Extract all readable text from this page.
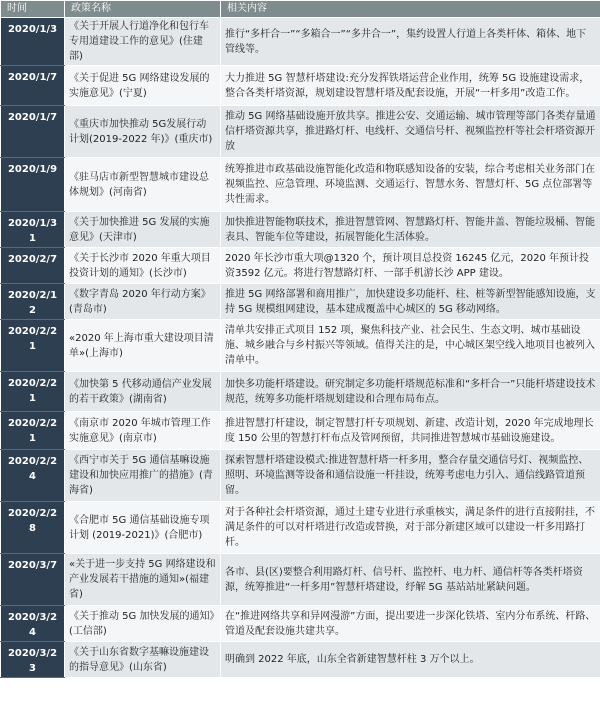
时间	政策名称	相关内容
2020/1/3	《关于开展人行道净化和包行车专用道建设工作的意见》(住建部)	推行“多杆合一”“多箱合一”“多井合一”，集约设置人行道上各类杆体、箱体、地下管线等。
2020/1/7	《关于促进 5G 网络建设发展的实施意见》(宁夏)	大力推进 5G 智慧杆塔建设:充分发挥铁塔运营企业作用，统筹 5G 设施建设需求，整合各类杆塔资源，规划建设智慧杆塔及配套设施，开展“一杆多用”改造工作。
2020/1/7	《重庆市加快推动 5G发展行动计划(2019-2022 年)》(重庆市)	推动 5G 网络基础设施开放共享。推进公安、交通运输、城市管理等部门各类存量通信杆塔资源共享，推进路灯杆、电线杆、交通信号杆、视频监控杆等社会杆塔资源开放
2020/1/9	《驻马店市新型智慧城市建设总体规划》(河南省)	统筹推进市政基础设施智能化改造和物联感知设备的安装，综合考虑相关业务部门在视频监控、应急管理、环境监测、交通运行、智慧水务、智慧灯杆、5G 点位部署等共性需求。
2020/1/31	《关于加快推进 5G 发展的实施意见》(天津市)	加快推进智能物联技术，推进智慧管网、智慧路灯杆、智能井盖、智能垃圾桶、智能表具、智能车位等建设，拓展智能化生活体验。
2020/2/7	《关于长沙市 2020 年重大项目投资计划的通知》(长沙市)	2020 年长沙市重大项@1320 个，预计项目总投资 16245 亿元，2020 年预计投资3592 亿元。将进行智慧路灯杆、一部手机游长沙 APP 建设。
2020/2/12	《数字青岛 2020 年行动方案》(青岛市)	推进 5G 网络部署和商用推广，加快建设多功能杆、柱、桩等新型智能感知设施，支持 5G 规模组网建设，基本建成覆盖中心城区的 5G 移动网络。
2020/2/21	«2020 年上海市重大建设项目清单»(上海市)	清单共安排正式项目 152 项，聚焦科技产业、社会民生、生态文明、城市基础设施、城乡融合与乡村振兴等领域。值得关注的是，中心城区架空线入地项目也被列入清单中。
2020/2/21	《加快第 5 代移动通信产业发展的若干政策》(湖南省)	加快多功能杆塔建设。研究制定多功能杆塔规范标准和“多杆合一”只能杆塔建设技术规范，统筹多功能杆塔规划建设和合理布局布点。
2020/2/21	《南京市 2020 年城市管理工作实施意见》(南京市)	推进智慧打杆建设，制定智慧打杆专项规划、新建、改造计划，2020 年完成地理长度 150 公里的智慧打杆布点及管网预留，共同推进智慧城市基础设施建设。
2020/2/24	《西宁市关于 5G 通信基嘛设施建设和加快应用推广的措施》(青海省)	探索智慧杆塔建设模式:推进智慧杆塔一杆多用，整合存量交通信号灯、视频监控、照明、环境监测等设备和通信设施一杆挂设，统筹考虑电力引入、通信线路管道预留。
2020/2/28	《合肥市 5G 通信基础设施专项计划 (2019-2021)》(合肥市)	对于各种社会杆塔资源，通过土建专业进行承重核实，满足条件的进行直接附挂，不满足条件的可以对杆塔进行改造或替换，对于部分新建区域可以建设一杆多用路打杆。
2020/3/7	«关于进一步支持 5G 网络建设和产业发展若干措施的通知»(福建省)	各市、县(区)要整合利用路灯杆、信号杆、监控杆、电力杆、通信杆等各类杆塔资源，统筹推进“一杆多用”智慧杆塔建设，纾解 5G 基站站址紧缺问题。
2020/3/24	《关于推动 5G 加快发展的通知》(工信部)	在“推进网络共享和异网漫游”方面，提出要进一步深化铁塔、室内分布系统、杆路、管道及配套设施共建共享。
2020/3/23	《关于山东省数字基嘛设施建设的指导意见》(山东省)	明确到 2022 年底，山东全省新建智慧杆柱 3 万个以上。
